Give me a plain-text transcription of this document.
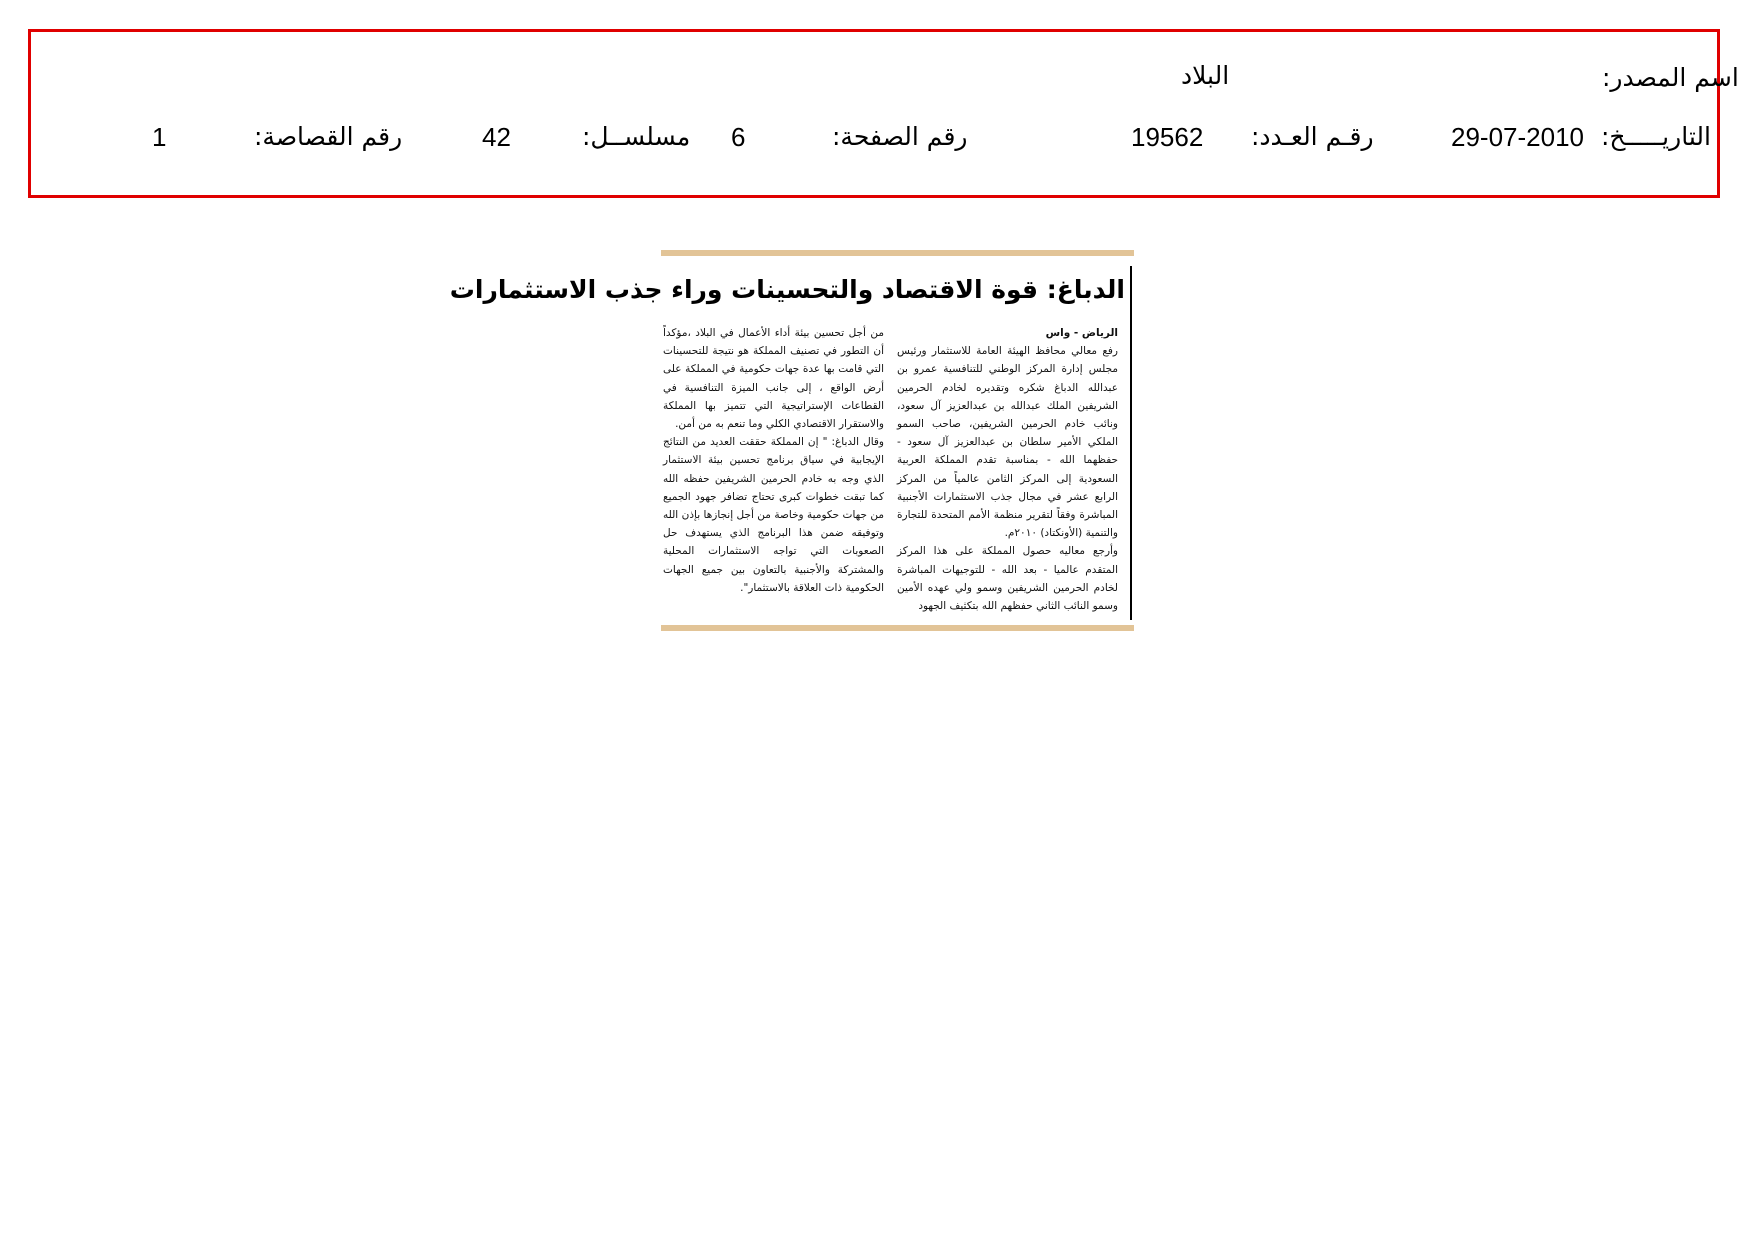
اسم المصدر:
البلاد
التاريـــــخ:
29-07-2010
رقـم العـدد:
19562
رقم الصفحة:
6
مسلســل:
42
رقم القصاصة:
1
الدباغ: قوة الاقتصاد والتحسينات وراء جذب الاستثمارات

الرياض - واس

رفع معالي محافظ الهيئة العامة للاستثمار ورئيس مجلس إدارة المركز الوطني للتنافسية عمرو بن عبدالله الدباغ شكره وتقديره لخادم الحرمين الشريفين الملك عبدالله بن عبدالعزيز آل سعود، ونائب خادم الحرمين الشريفين، صاحب السمو الملكي الأمير سلطان بن عبدالعزيز آل سعود - حفظهما الله - بمناسبة تقدم المملكة العربية السعودية إلى المركز الثامن عالمياً من المركز الرابع عشر في مجال جذب الاستثمارات الأجنبية المباشرة وفقاً لتقرير منظمة الأمم المتحدة للتجارة والتنمية (الأونكتاد) ٢٠١٠م.

وأرجع معاليه حصول المملكة على هذا المركز المتقدم عالميا - بعد الله - للتوجيهات المباشرة لخادم الحرمين الشريفين وسمو ولي عهده الأمين وسمو النائب الثاني حفظهم الله بتكثيف الجهود

من أجل تحسين بيئة أداء الأعمال في البلاد ،مؤكداً أن التطور في تصنيف المملكة هو نتيجة للتحسينات التي قامت بها عدة جهات حكومية في المملكة على أرض الواقع ، إلى جانب الميزة التنافسية في القطاعات الإستراتيجية التي تتميز بها المملكة والاستقرار الاقتصادي الكلي وما تنعم به من أمن.

وقال الدباغ: " إن المملكة حققت العديد من النتائج الإيجابية في سياق برنامج تحسين بيئة الاستثمار الذي وجه به خادم الحرمين الشريفين حفظه الله كما تبقت خطوات كبرى تحتاج تضافر جهود الجميع من جهات حكومية وخاصة من أجل إنجازها بإذن الله وتوفيقه ضمن هذا البرنامج الذي يستهدف حل الصعوبات التي تواجه الاستثمارات المحلية والمشتركة والأجنبية بالتعاون بين جميع الجهات الحكومية ذات العلاقة بالاستثمار".
